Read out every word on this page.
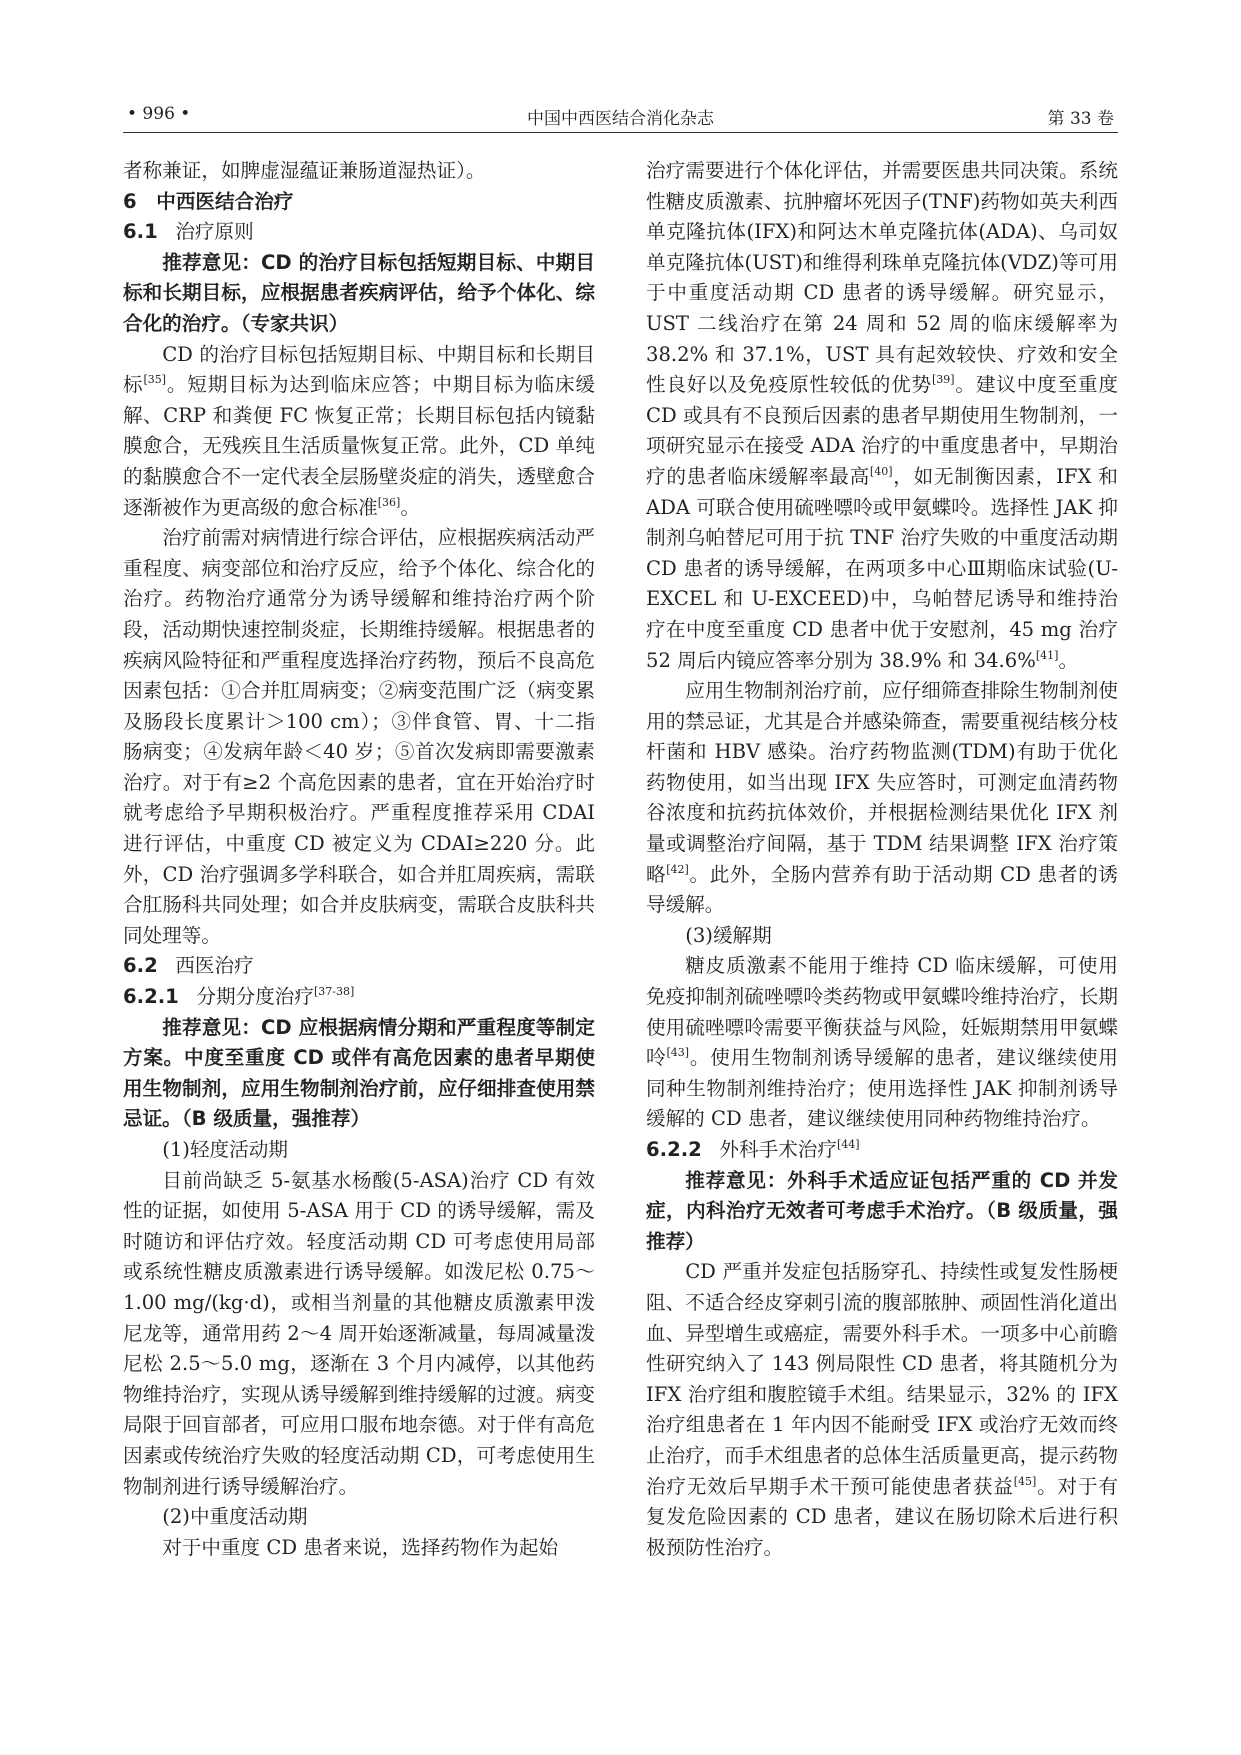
• 996 •	中国中西医结合消化杂志	第 33 卷

者称兼证，如脾虚湿蕴证兼肠道湿热证）。

6　中西医结合治疗

6.1 治疗原则

推荐意见：CD 的治疗目标包括短期目标、中期目标和长期目标，应根据患者疾病评估，给予个体化、综合化的治疗。（专家共识）

CD 的治疗目标包括短期目标、中期目标和长期目标[35]。短期目标为达到临床应答；中期目标为临床缓解、CRP 和粪便 FC 恢复正常；长期目标包括内镜黏膜愈合，无残疾且生活质量恢复正常。此外，CD 单纯的黏膜愈合不一定代表全层肠壁炎症的消失，透壁愈合逐渐被作为更高级的愈合标准[36]。

治疗前需对病情进行综合评估，应根据疾病活动严重程度、病变部位和治疗反应，给予个体化、综合化的治疗。药物治疗通常分为诱导缓解和维持治疗两个阶段，活动期快速控制炎症，长期维持缓解。根据患者的疾病风险特征和严重程度选择治疗药物，预后不良高危因素包括：①合并肛周病变；②病变范围广泛（病变累及肠段长度累计＞100 cm）；③伴食管、胃、十二指肠病变；④发病年龄＜40 岁；⑤首次发病即需要激素治疗。对于有≥2 个高危因素的患者，宜在开始治疗时就考虑给予早期积极治疗。严重程度推荐采用 CDAI 进行评估，中重度 CD 被定义为 CDAI≥220 分。此外，CD 治疗强调多学科联合，如合并肛周疾病，需联合肛肠科共同处理；如合并皮肤病变，需联合皮肤科共同处理等。

6.2 西医治疗

6.2.1 分期分度治疗[37-38]

推荐意见：CD 应根据病情分期和严重程度等制定方案。中度至重度 CD 或伴有高危因素的患者早期使用生物制剂，应用生物制剂治疗前，应仔细排查使用禁忌证。（B 级质量，强推荐）

(1)轻度活动期

目前尚缺乏 5-氨基水杨酸(5-ASA)治疗 CD 有效性的证据，如使用 5-ASA 用于 CD 的诱导缓解，需及时随访和评估疗效。轻度活动期 CD 可考虑使用局部或系统性糖皮质激素进行诱导缓解。如泼尼松 0.75～1.00 mg/(kg·d)，或相当剂量的其他糖皮质激素甲泼尼龙等，通常用药 2～4 周开始逐渐减量，每周减量泼尼松 2.5～5.0 mg，逐渐在 3 个月内减停，以其他药物维持治疗，实现从诱导缓解到维持缓解的过渡。病变局限于回盲部者，可应用口服布地奈德。对于伴有高危因素或传统治疗失败的轻度活动期 CD，可考虑使用生物制剂进行诱导缓解治疗。

(2)中重度活动期

对于中重度 CD 患者来说，选择药物作为起始

治疗需要进行个体化评估，并需要医患共同决策。系统性糖皮质激素、抗肿瘤坏死因子(TNF)药物如英夫利西单克隆抗体(IFX)和阿达木单克隆抗体(ADA)、乌司奴单克隆抗体(UST)和维得利珠单克隆抗体(VDZ)等可用于中重度活动期 CD 患者的诱导缓解。研究显示，UST 二线治疗在第 24 周和 52 周的临床缓解率为 38.2% 和 37.1%，UST 具有起效较快、疗效和安全性良好以及免疫原性较低的优势[39]。建议中度至重度 CD 或具有不良预后因素的患者早期使用生物制剂，一项研究显示在接受 ADA 治疗的中重度患者中，早期治疗的患者临床缓解率最高[40]，如无制衡因素，IFX 和 ADA 可联合使用硫唑嘌呤或甲氨蝶呤。选择性 JAK 抑制剂乌帕替尼可用于抗 TNF 治疗失败的中重度活动期 CD 患者的诱导缓解，在两项多中心Ⅲ期临床试验(U-EXCEL 和 U-EXCEED)中，乌帕替尼诱导和维持治疗在中度至重度 CD 患者中优于安慰剂，45 mg 治疗 52 周后内镜应答率分别为 38.9% 和 34.6%[41]。

应用生物制剂治疗前，应仔细筛查排除生物制剂使用的禁忌证，尤其是合并感染筛查，需要重视结核分枝杆菌和 HBV 感染。治疗药物监测(TDM)有助于优化药物使用，如当出现 IFX 失应答时，可测定血清药物谷浓度和抗药抗体效价，并根据检测结果优化 IFX 剂量或调整治疗间隔，基于 TDM 结果调整 IFX 治疗策略[42]。此外，全肠内营养有助于活动期 CD 患者的诱导缓解。

(3)缓解期

糖皮质激素不能用于维持 CD 临床缓解，可使用免疫抑制剂硫唑嘌呤类药物或甲氨蝶呤维持治疗，长期使用硫唑嘌呤需要平衡获益与风险，妊娠期禁用甲氨蝶呤[43]。使用生物制剂诱导缓解的患者，建议继续使用同种生物制剂维持治疗；使用选择性 JAK 抑制剂诱导缓解的 CD 患者，建议继续使用同种药物维持治疗。

6.2.2 外科手术治疗[44]

推荐意见：外科手术适应证包括严重的 CD 并发症，内科治疗无效者可考虑手术治疗。（B 级质量，强推荐）

CD 严重并发症包括肠穿孔、持续性或复发性肠梗阻、不适合经皮穿刺引流的腹部脓肿、顽固性消化道出血、异型增生或癌症，需要外科手术。一项多中心前瞻性研究纳入了 143 例局限性 CD 患者，将其随机分为 IFX 治疗组和腹腔镜手术组。结果显示，32% 的 IFX 治疗组患者在 1 年内因不能耐受 IFX 或治疗无效而终止治疗，而手术组患者的总体生活质量更高，提示药物治疗无效后早期手术干预可能使患者获益[45]。对于有复发危险因素的 CD 患者，建议在肠切除术后进行积极预防性治疗。
